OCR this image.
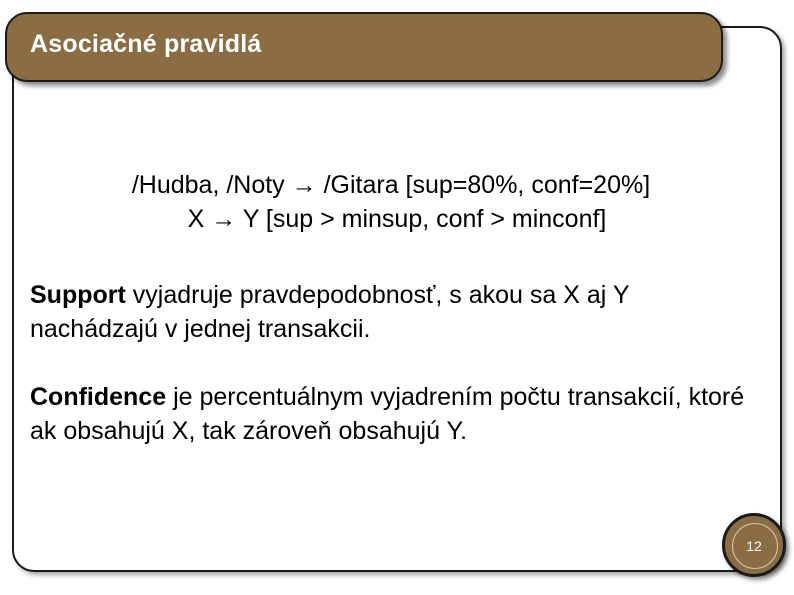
Asociačné pravidlá
/Hudba, /Noty → /Gitara [sup=80%, conf=20%]
X → Y [sup > minsup, conf > minconf]
Support vyjadruje pravdepodobnosť, s akou sa X aj Y nachádzajú v jednej transakcii.
Confidence je percentuálnym vyjadrením počtu transakcií, ktoré ak obsahujú X, tak zároveň obsahujú Y.
12
